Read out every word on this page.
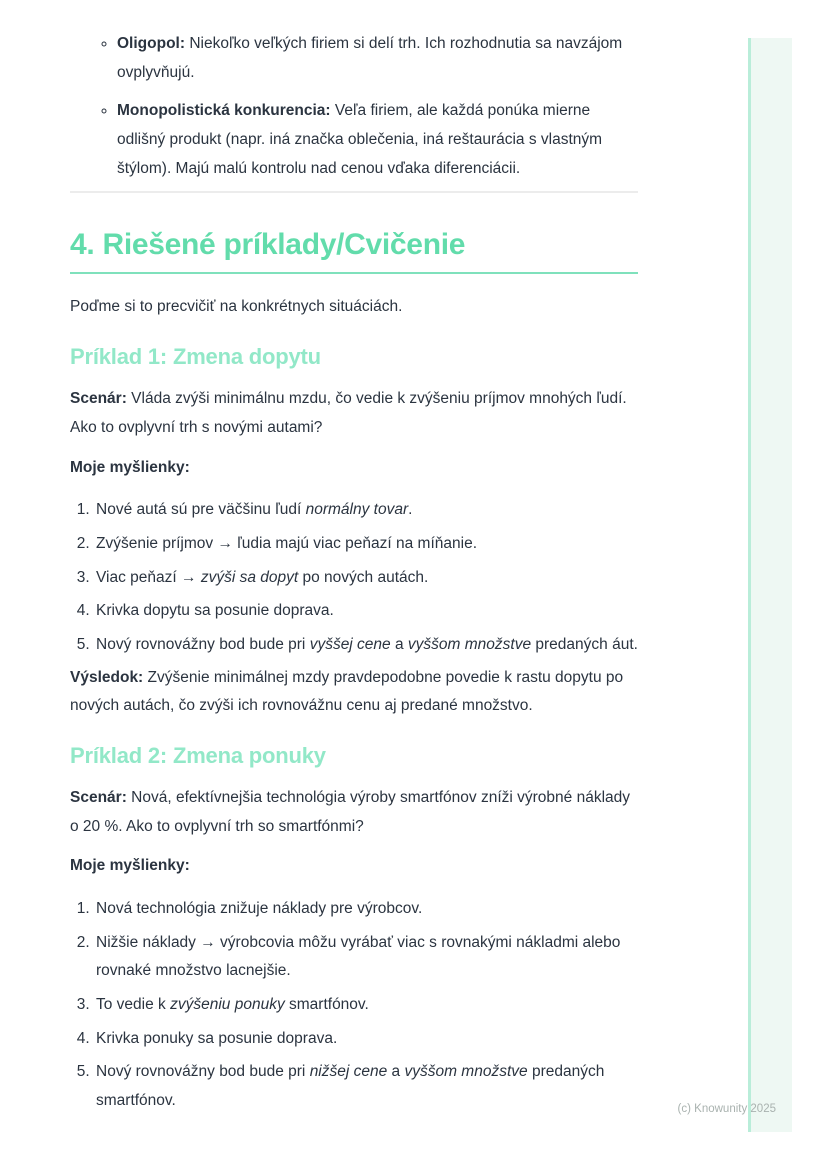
◦ Oligopol: Niekoľko veľkých firiem si delí trh. Ich rozhodnutia sa navzájom ovplyvňujú.
◦ Monopolistická konkurencia: Veľa firiem, ale každá ponúka mierne odlišný produkt (napr. iná značka oblečenia, iná reštaurácia s vlastným štýlom). Majú malú kontrolu nad cenou vďaka diferenciácii.
4. Riešené príklady/Cvičenie

Poďme si to precvičiť na konkrétnych situáciách.

Príklad 1: Zmena dopytu

Scenár: Vláda zvýši minimálnu mzdu, čo vedie k zvýšeniu príjmov mnohých ľudí. Ako to ovplyvní trh s novými autami?

Moje myšlienky:

1. Nové autá sú pre väčšinu ľudí normálny tovar.
2. Zvýšenie príjmov → ľudia majú viac peňazí na míňanie.
3. Viac peňazí → zvýši sa dopyt po nových autách.
4. Krivka dopytu sa posunie doprava.
5. Nový rovnovážny bod bude pri vyššej cene a vyššom množstve predaných áut.

Výsledok: Zvýšenie minimálnej mzdy pravdepodobne povedie k rastu dopytu po nových autách, čo zvýši ich rovnovážnu cenu aj predané množstvo.

Príklad 2: Zmena ponuky

Scenár: Nová, efektívnejšia technológia výroby smartfónov zníži výrobné náklady o 20 %. Ako to ovplyvní trh so smartfónmi?

Moje myšlienky:

1. Nová technológia znižuje náklady pre výrobcov.
2. Nižšie náklady → výrobcovia môžu vyrábať viac s rovnakými nákladmi alebo rovnaké množstvo lacnejšie.
3. To vedie k zvýšeniu ponuky smartfónov.
4. Krivka ponuky sa posunie doprava.
5. Nový rovnovážny bod bude pri nižšej cene a vyššom množstve predaných smartfónov.
(c) Knowunity 2025
